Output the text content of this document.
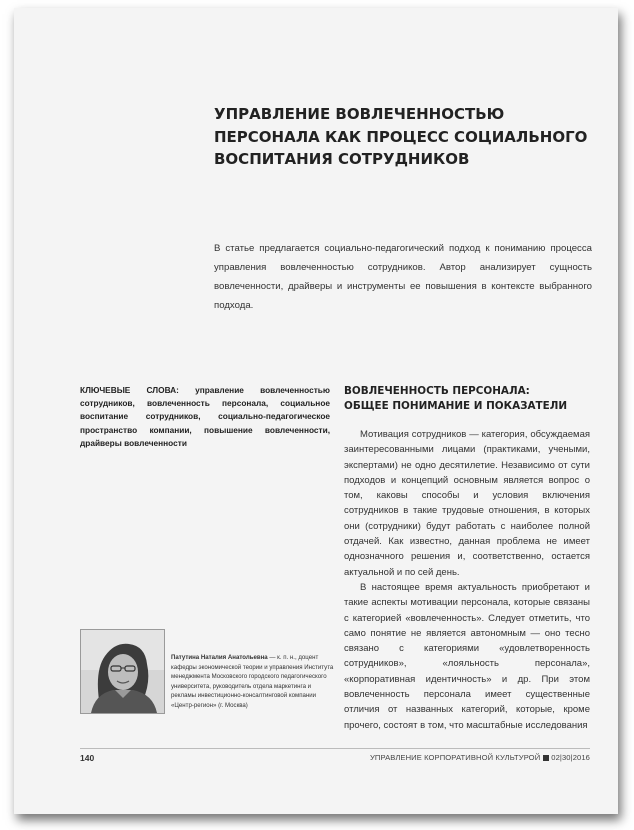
УПРАВЛЕНИЕ ВОВЛЕЧЕННОСТЬЮ
ПЕРСОНАЛА КАК ПРОЦЕСС СОЦИАЛЬНОГО
ВОСПИТАНИЯ СОТРУДНИКОВ

В статье предлагается социально-педагогический подход к пониманию процесса управления вовлеченностью сотрудников. Автор анализирует сущность вовлеченности, драйверы и инструменты ее повышения в контексте выбранного подхода.

КЛЮЧЕВЫЕ СЛОВА: управление вовлеченностью сотрудников, вовлеченность персонала, социальное воспитание сотрудников, социально-педагогическое пространство компании, повышение вовлеченности, драйверы вовлеченности

ВОВЛЕЧЕННОСТЬ ПЕРСОНАЛА:
ОБЩЕЕ ПОНИМАНИЕ И ПОКАЗАТЕЛИ

Мотивация сотрудников — категория, обсуждаемая заинтересованными лицами (практиками, учеными, экспертами) не одно десятилетие. Независимо от сути подходов и концепций основным является вопрос о том, каковы способы и условия включения сотрудников в такие трудовые отношения, в которых они (сотрудники) будут работать с наиболее полной отдачей. Как известно, данная проблема не имеет однозначного решения и, соответственно, остается актуальной и по сей день.

В настоящее время актуальность приобретают и такие аспекты мотивации персонала, которые связаны с категорией «вовлеченность». Следует отметить, что само понятие не является автономным — оно тесно связано с категориями «удовлетворенность сотрудников», «лояльность персонала», «корпоративная идентичность» и др. При этом вовлеченность персонала имеет существенные отличия от названных категорий, которые, кроме прочего, состоят в том, что масштабные исследования

Патутина Наталия Анатольевна — к. п. н., доцент кафедры экономической теории и управления Института менеджмента Московского городского педагогического университета, руководитель отдела маркетинга и рекламы инвестиционно-консалтинговой компании «Центр-регион» (г. Москва)

140	УПРАВЛЕНИЕ КОРПОРАТИВНОЙ КУЛЬТУРОЙ 02|30|2016
